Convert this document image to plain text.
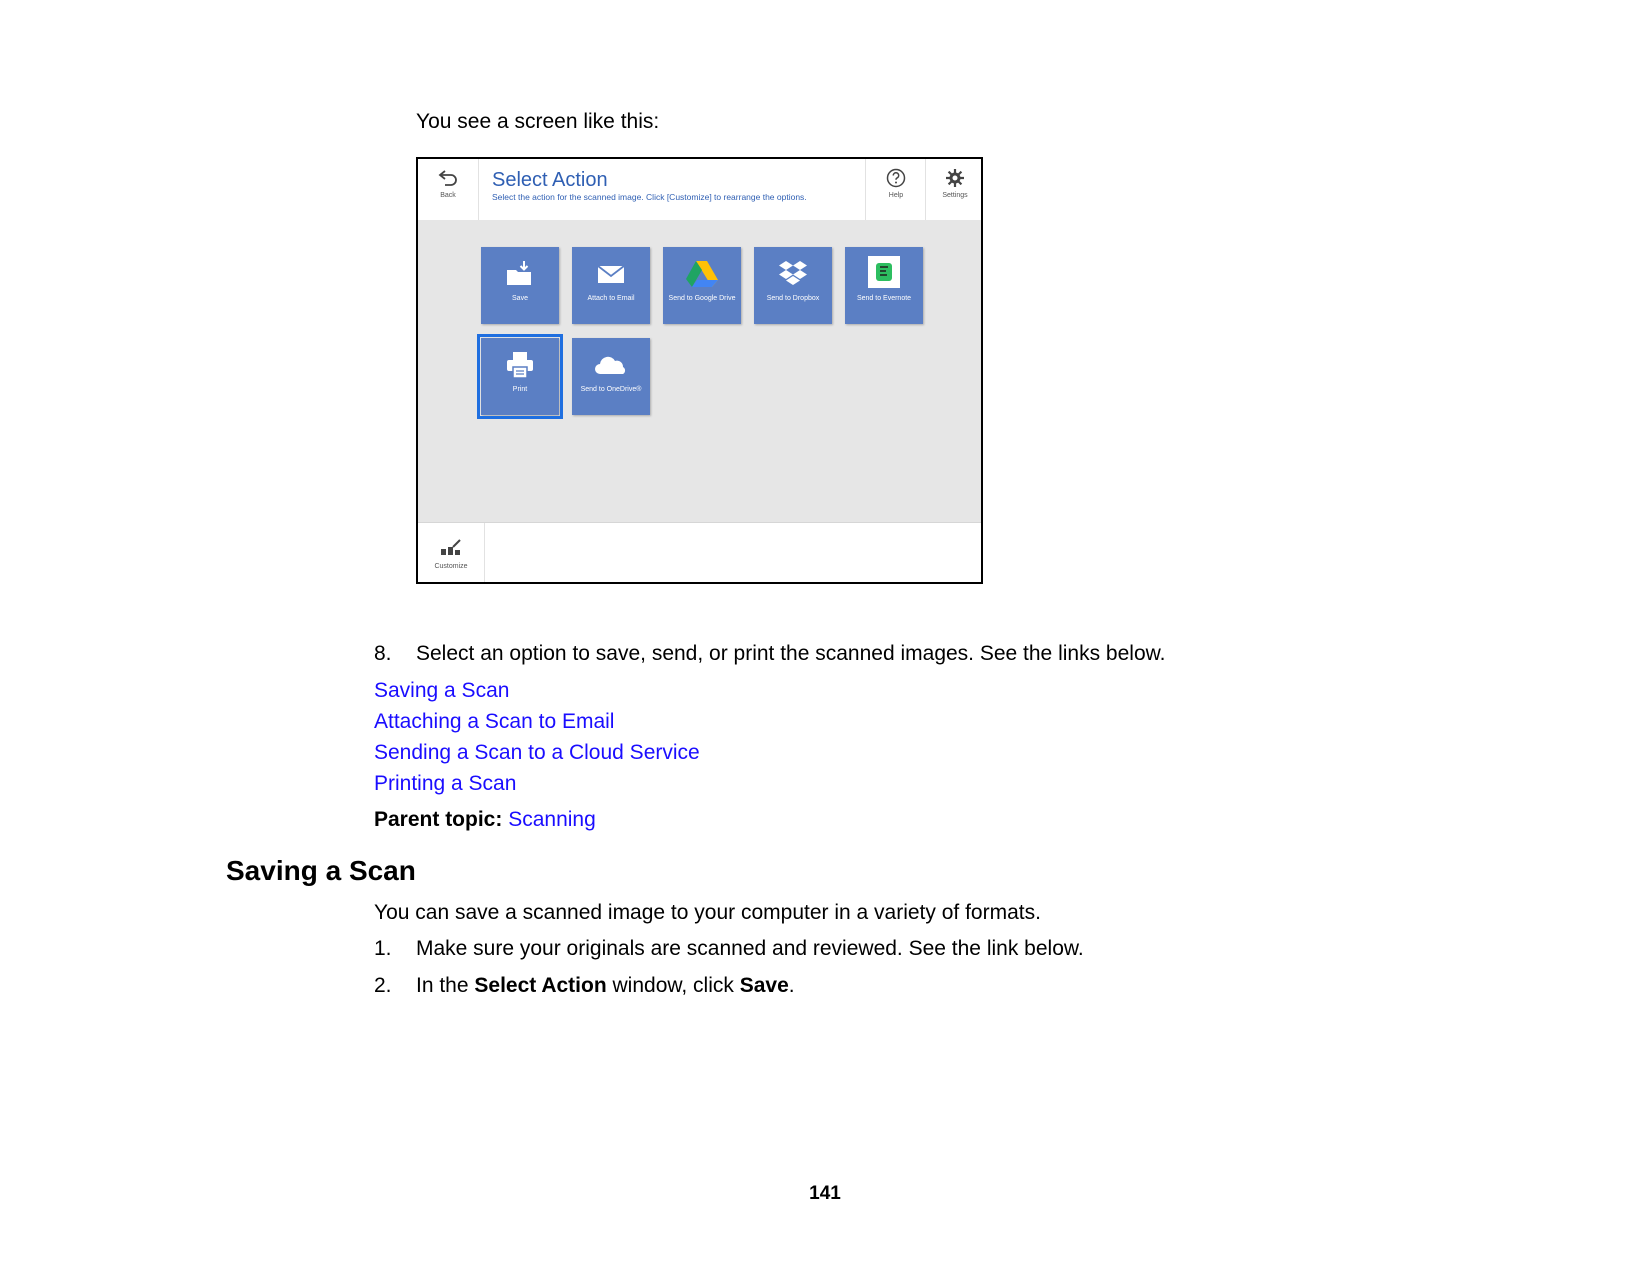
You see a screen like this:
Back
Select Action
Select the action for the scanned image. Click [Customize] to rearrange the options.	Help	Settings
Save	Attach to Email	Send to Google Drive	Send to Dropbox	Send to Evernote
Print	Send to OneDrive®
Customize
8. Select an option to save, send, or print the scanned images. See the links below.
Saving a Scan
Attaching a Scan to Email
Sending a Scan to a Cloud Service
Printing a Scan
Parent topic: Scanning
Saving a Scan
You can save a scanned image to your computer in a variety of formats.
1. Make sure your originals are scanned and reviewed. See the link below.
2. In the Select Action window, click Save.
141
